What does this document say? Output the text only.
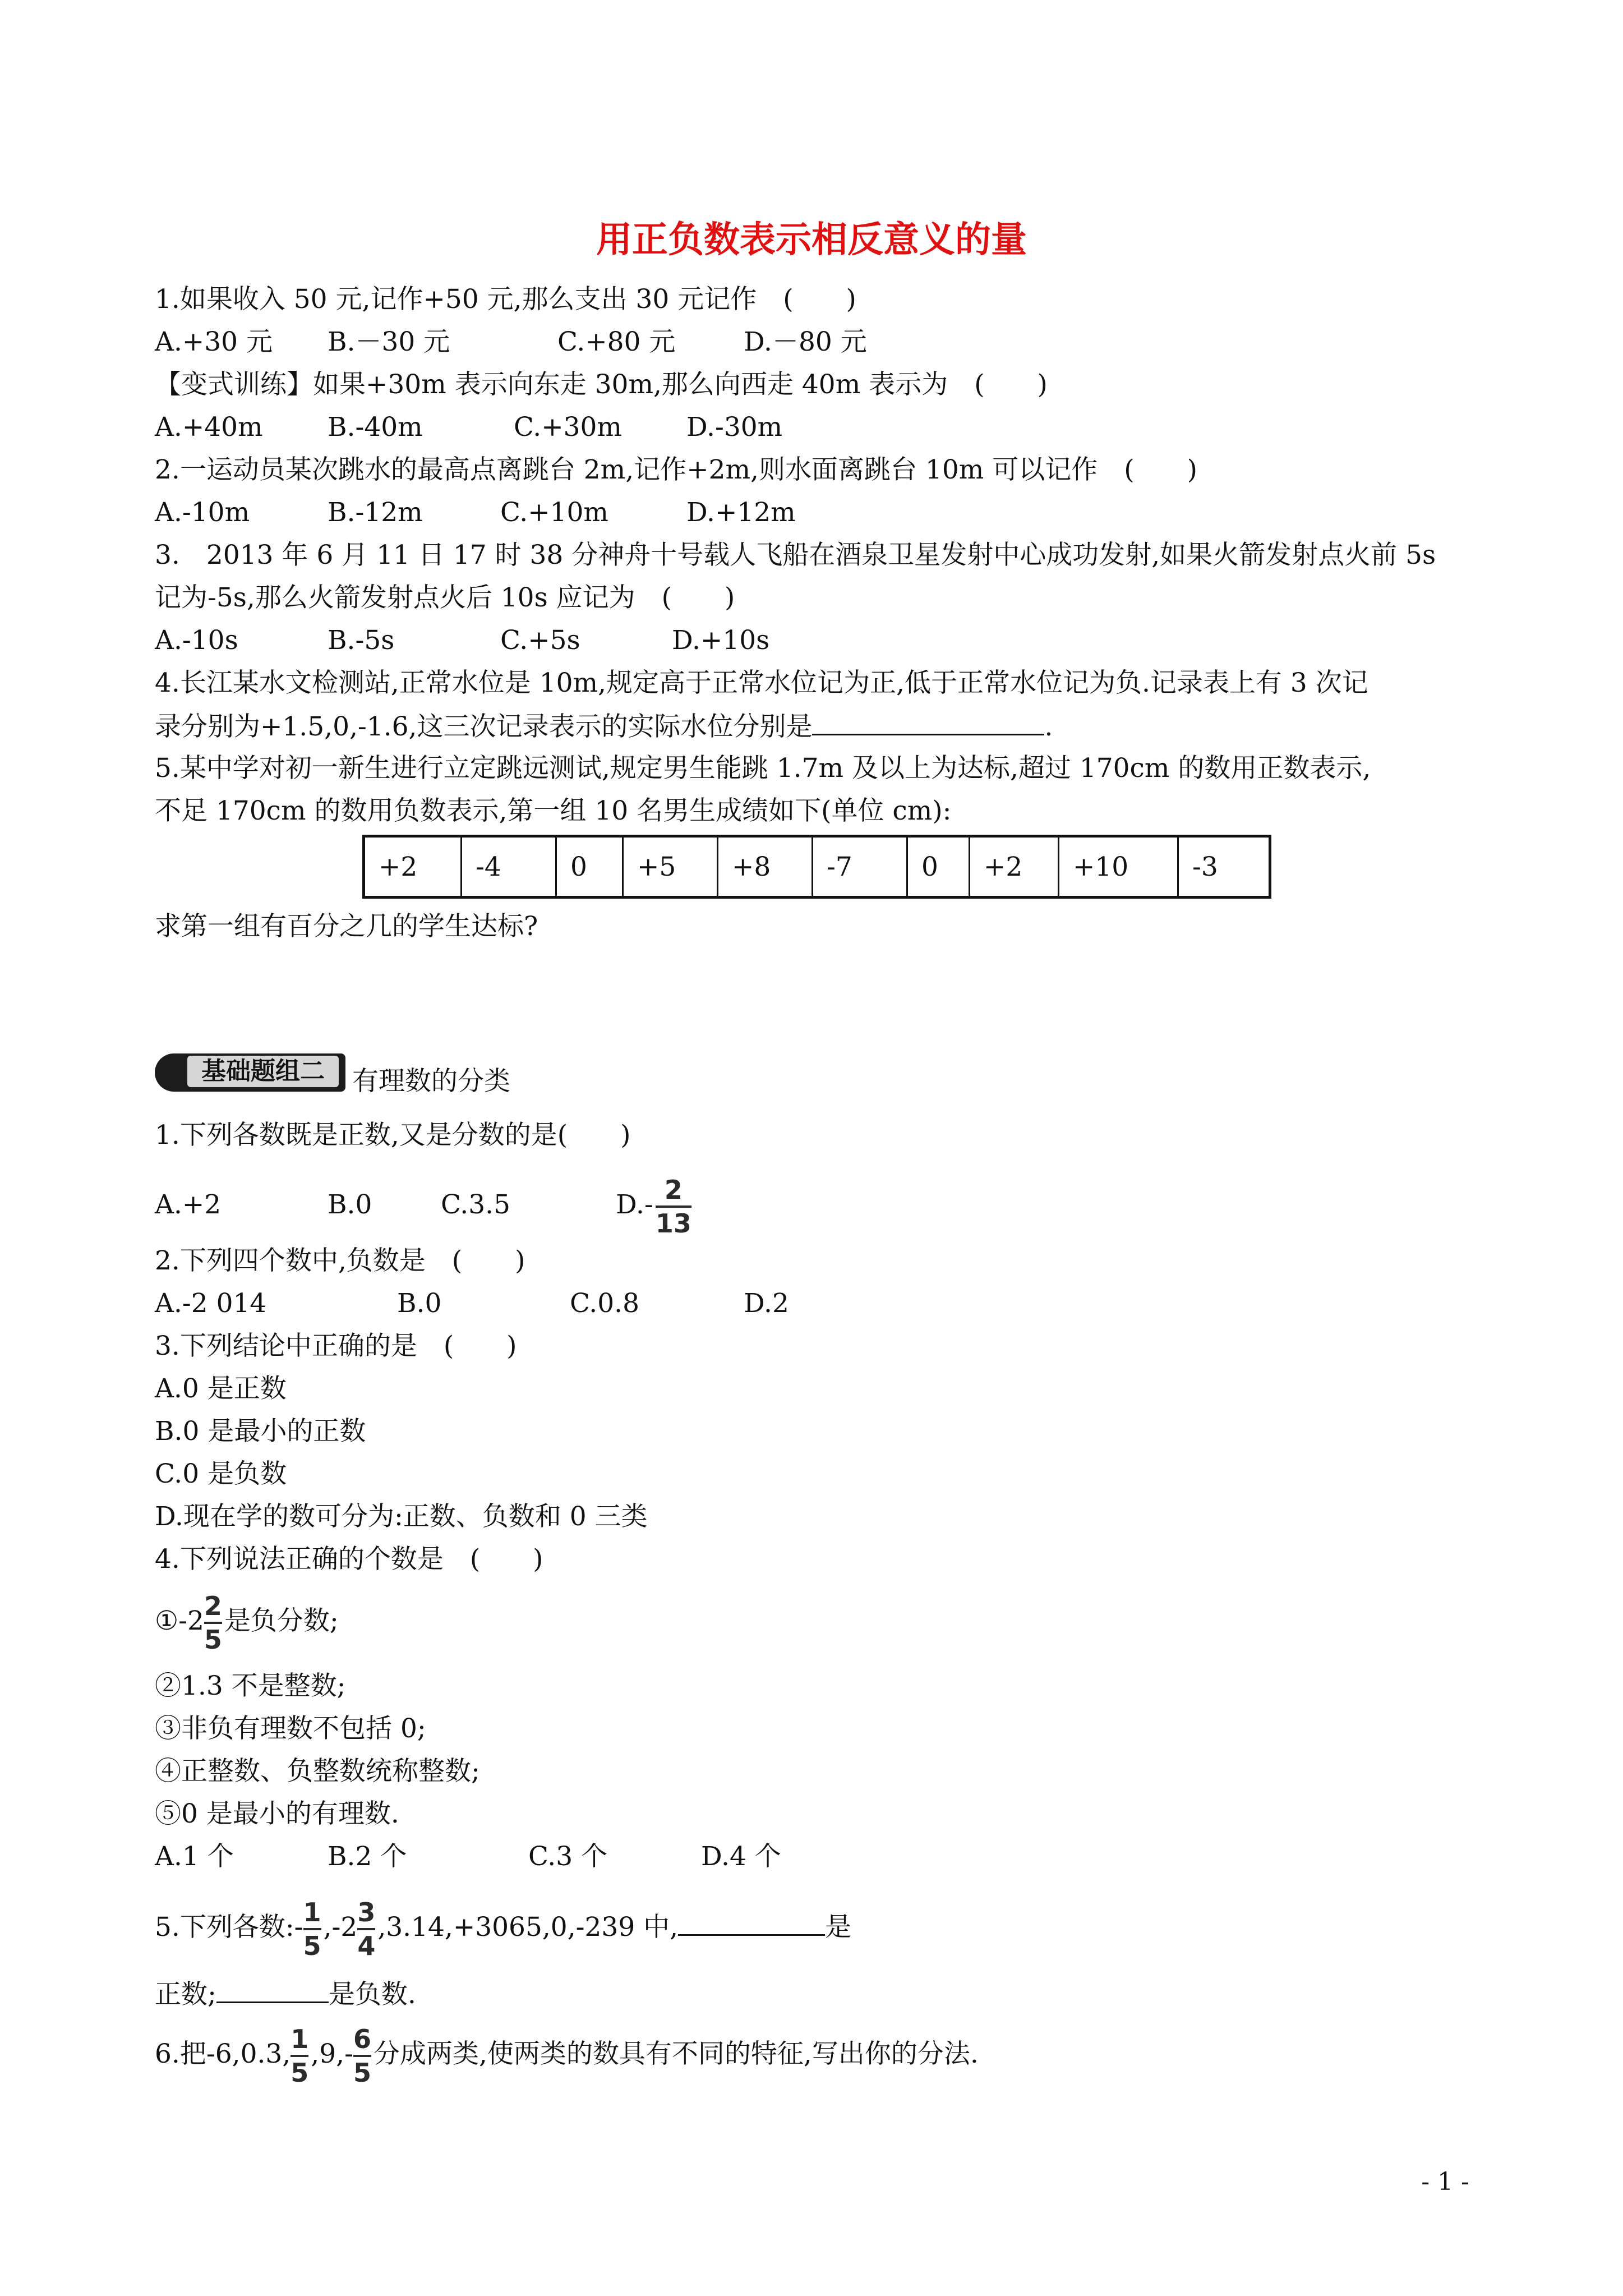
用正负数表示相反意义的量
1.如果收入 50 元,记作+50 元,那么支出 30 元记作　(　　)
A.+30 元 B.－30 元	C.+80 元	D.－80 元
【变式训练】如果+30m 表示向东走 30m,那么向西走 40m 表示为　(　　)
A.+40m B.-40m	C.+30m D.-30m
2.一运动员某次跳水的最高点离跳台 2m,记作+2m,则水面离跳台 10m 可以记作　(　　)
A.-10m	B.-12m	C.+10m	D.+12m
3.　2013 年 6 月 11 日 17 时 38 分神舟十号载人飞船在酒泉卫星发射中心成功发射,如果火箭发射点火前 5s
记为-5s,那么火箭发射点火后 10s 应记为　(　　)
A.-10s	B.-5s	C.+5s	D.+10s
4.长江某水文检测站,正常水位是 10m,规定高于正常水位记为正,低于正常水位记为负.记录表上有 3 次记
录分别为+1.5,0,-1.6,这三次记录表示的实际水位分别是	.
5.某中学对初一新生进行立定跳远测试,规定男生能跳 1.7m 及以上为达标,超过 170cm 的数用正数表示,
不足 170cm 的数用负数表示,第一组 10 名男生成绩如下(单位 cm):
+2	-4	0	+5	+8	-7	0	+2	+10	-3
求第一组有百分之几的学生达标?
基础题组二	有理数的分类
1.下列各数既是正数,又是分数的是(　　)
A.+2	B.0	C.3.5	$D.- \frac{2}{13}$
2.下列四个数中,负数是　(　　)
A.-2 014	B.0	C.0.8	D.2
3.下列结论中正确的是　(　　)
A.0 是正数
B.0 是最小的正数
C.0 是负数
D.现在学的数可分为:正数、负数和 0 三类
4.下列说法正确的个数是　(　　)
①-2 $\frac{2}{5}$ 是负分数;
②1.3 不是整数;
③非负有理数不包括 0;
④正整数、负整数统称整数;
⑤0 是最小的有理数.
A.1 个	B.2 个	C.3 个	D.4 个
5.下列各数:- $\frac{1}{5} ,-2 \frac{3}{4} ,3.14,+3065,0,-239$ 中,	是
正数;	是负数.
6.把-6,0.3, $\frac{1}{5} ,9,- \frac{6}{5}$ 分成两类,使两类的数具有不同的特征,写出你的分法.
- 1 -
